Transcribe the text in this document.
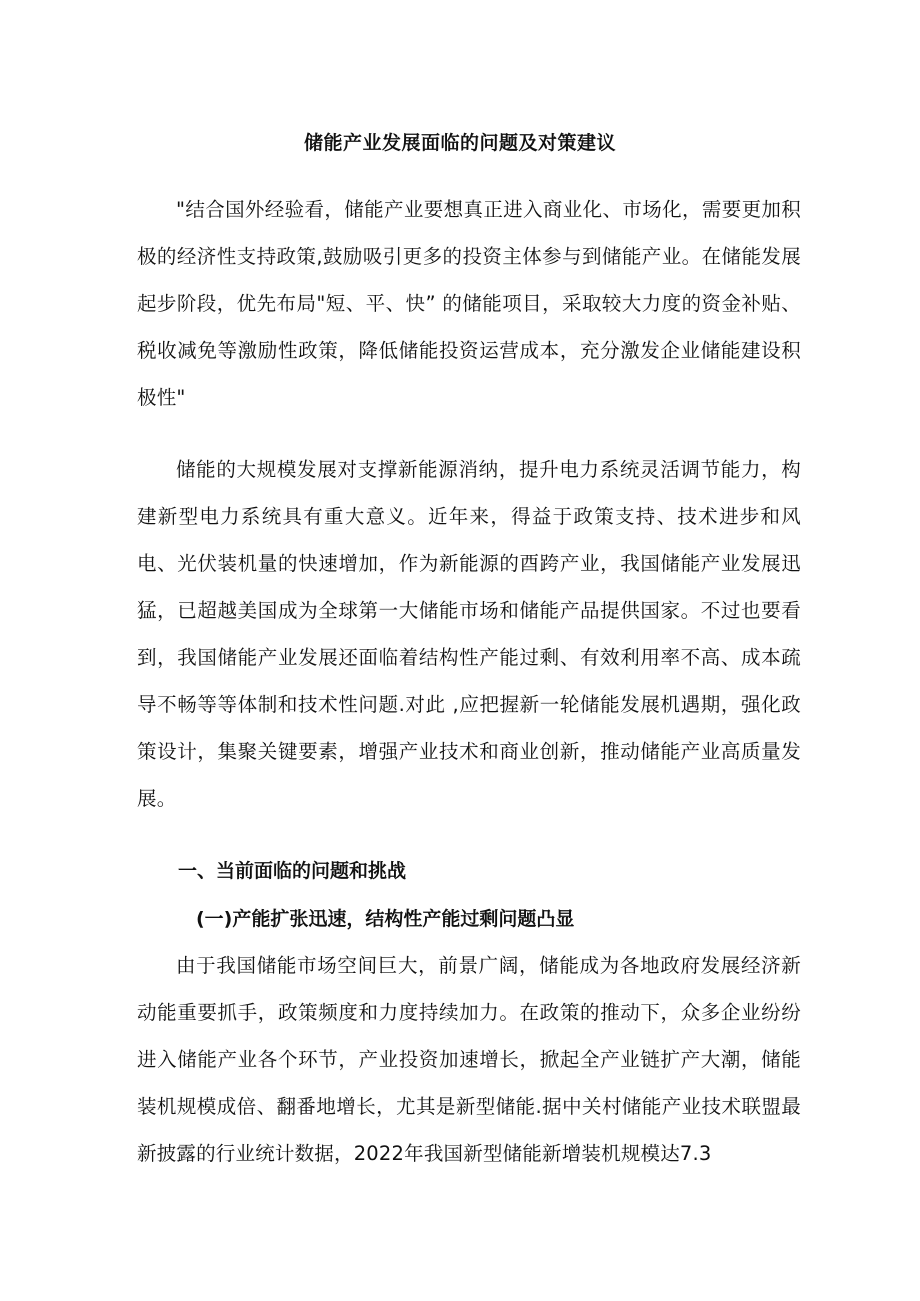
储能产业发展面临的问题及对策建议

"结合国外经验看，储能产业要想真正进入商业化、市场化，需要更加积极的经济性支持政策,鼓励吸引更多的投资主体参与到储能产业。在储能发展起步阶段，优先布局"短、平、快” 的储能项目，采取较大力度的资金补贴、税收减免等激励性政策，降低储能投资运营成本，充分激发企业储能建设积极性"

储能的大规模发展对支撑新能源消纳，提升电力系统灵活调节能力，构建新型电力系统具有重大意义。近年来，得益于政策支持、技术进步和风电、光伏装机量的快速增加，作为新能源的酉跨产业，我国储能产业发展迅猛，已超越美国成为全球第一大储能市场和储能产品提供国家。不过也要看到，我国储能产业发展还面临着结构性产能过剩、有效利用率不高、成本疏导不畅等等体制和技术性问题.对此 ,应把握新一轮储能发展机遇期，强化政策设计，集聚关键要素，增强产业技术和商业创新，推动储能产业高质量发展。

一、当前面临的问题和挑战
(一)产能扩张迅速，结构性产能过剩问题凸显

由于我国储能市场空间巨大，前景广阔，储能成为各地政府发展经济新动能重要抓手，政策频度和力度持续加力。在政策的推动下，众多企业纷纷进入储能产业各个环节，产业投资加速增长，掀起全产业链扩产大潮，储能装机规模成倍、翻番地增长，尤其是新型储能.据中关村储能产业技术联盟最新披露的行业统计数据，2022年我国新型储能新增装机规模达7.3
